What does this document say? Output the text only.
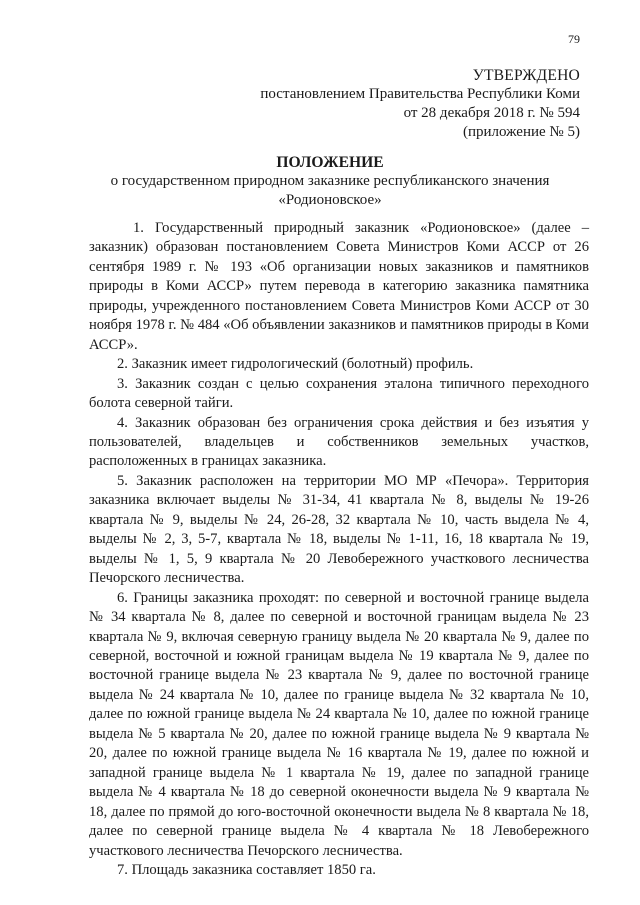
79
УТВЕРЖДЕНО
постановлением Правительства Республики Коми
от 28 декабря 2018 г. № 594
(приложение № 5)
ПОЛОЖЕНИЕ
о государственном природном заказнике республиканского значения
«Родионовское»

1. Государственный природный заказник «Родионовское» (далее – заказник) образован постановлением Совета Министров Коми АССР от 26 сентября 1989 г. № 193 «Об организации новых заказников и памятников природы в Коми АССР» путем перевода в категорию заказника памятника природы, учрежденного постановлением Совета Министров Коми АССР от 30 ноября 1978 г. № 484 «Об объявлении заказников и памятников природы в Коми АССР».

2. Заказник имеет гидрологический (болотный) профиль.

3. Заказник создан с целью сохранения эталона типичного переходного болота северной тайги.

4. Заказник образован без ограничения срока действия и без изъятия у пользователей, владельцев и собственников земельных участков, расположенных в границах заказника.

5. Заказник расположен на территории МО МР «Печора». Территория заказника включает выделы № 31-34, 41 квартала № 8, выделы № 19-26 квартала № 9, выделы № 24, 26-28, 32 квартала № 10, часть выдела № 4, выделы № 2, 3, 5-7, квартала № 18, выделы № 1-11, 16, 18 квартала № 19, выделы № 1, 5, 9 квартала № 20 Левобережного участкового лесничества Печорского лесничества.

6. Границы заказника проходят: по северной и восточной границе выдела № 34 квартала № 8, далее по северной и восточной границам выдела № 23 квартала № 9, включая северную границу выдела № 20 квартала № 9, далее по северной, восточной и южной границам выдела № 19 квартала № 9, далее по восточной границе выдела № 23 квартала № 9, далее по восточной границе выдела № 24 квартала № 10, далее по границе выдела № 32 квартала № 10, далее по южной границе выдела № 24 квартала № 10, далее по южной границе выдела № 5 квартала № 20, далее по южной границе выдела № 9 квартала № 20, далее по южной границе выдела № 16 квартала № 19, далее по южной и западной границе выдела № 1 квартала № 19, далее по западной границе выдела № 4 квартала № 18 до северной оконечности выдела № 9 квартала № 18, далее по прямой до юго-восточной оконечности выдела № 8 квартала № 18, далее по северной границе выдела № 4 квартала № 18 Левобережного участкового лесничества Печорского лесничества.

7. Площадь заказника составляет 1850 га.
